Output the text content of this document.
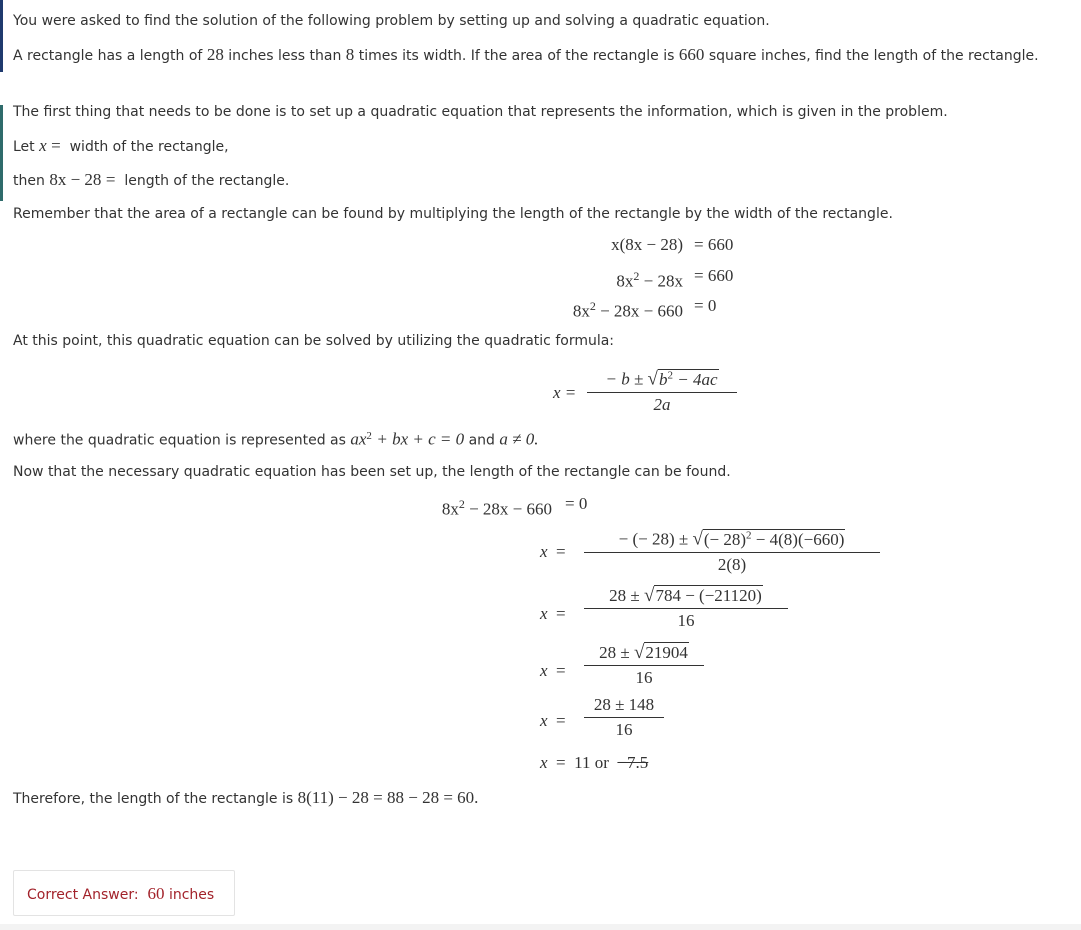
You were asked to find the solution of the following problem by setting up and solving a quadratic equation.
A rectangle has a length of 28 inches less than 8 times its width. If the area of the rectangle is 660 square inches, find the length of the rectangle.
The first thing that needs to be done is to set up a quadratic equation that represents the information, which is given in the problem.
Let x = width of the rectangle,
then 8x − 28 = length of the rectangle.
Remember that the area of a rectangle can be found by multiplying the length of the rectangle by the width of the rectangle.
x(8x − 28) = 660
$8x^2 - 28x = 660$
$8x^2 - 28x - 660 = 0$
At this point, this quadratic equation can be solved by utilizing the quadratic formula:
$x = \frac{- b \pm √b^2 - 4ac}{2a}$
where the quadratic equation is represented as $ax^2$ + bx + c = 0 and a ≠ 0.
Now that the necessary quadratic equation has been set up, the length of the rectangle can be found.
$8x^2 - 28x - 660 = 0$
$x = \frac{- (- 28) \pm √(- 28)^2 - 4(8)(-660)}{2(8)}$
$x = \frac{28 \pm √784 - (-21120)}{16}$
$x = \frac{28 \pm √21904}{16}$
$x = \frac{28 \pm 148}{16}$
x = 11 or −7.5
Therefore, the length of the rectangle is 8(11) − 28 = 88 − 28 = 60.
Correct Answer: 60 inches
